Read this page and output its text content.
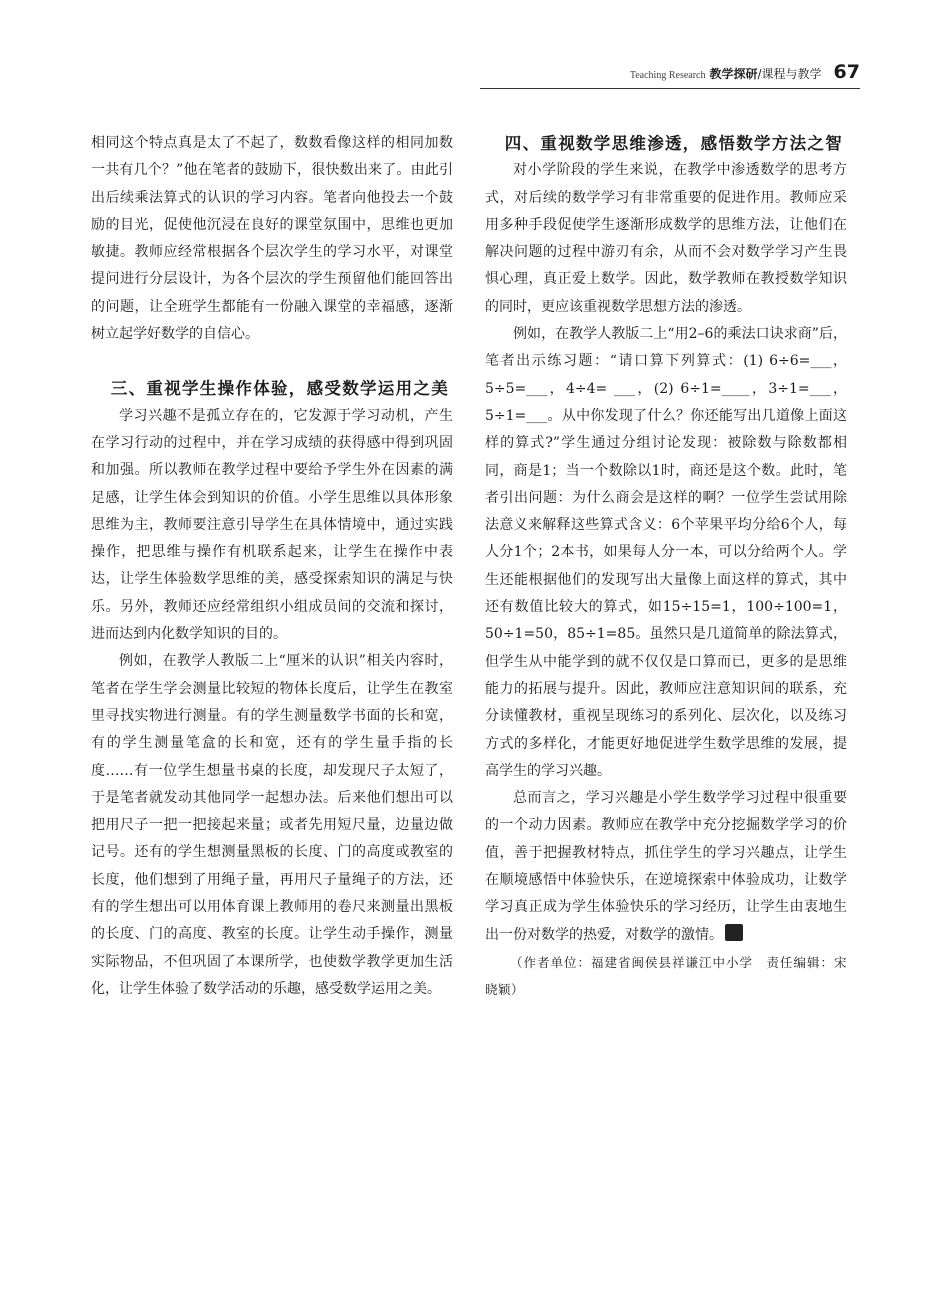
Teaching Research 教学探研 /课程与教学 67

相同这个特点真是太了不起了，数数看像这样的相同加数一共有几个？”他在笔者的鼓励下，很快数出来了。由此引出后续乘法算式的认识的学习内容。笔者向他投去一个鼓励的目光，促使他沉浸在良好的课堂氛围中，思维也更加敏捷。教师应经常根据各个层次学生的学习水平，对课堂提问进行分层设计，为各个层次的学生预留他们能回答出的问题，让全班学生都能有一份融入课堂的幸福感，逐渐树立起学好数学的自信心。

三、重视学生操作体验，感受数学运用之美

学习兴趣不是孤立存在的，它发源于学习动机，产生在学习行动的过程中，并在学习成绩的获得感中得到巩固和加强。所以教师在教学过程中要给予学生外在因素的满足感，让学生体会到知识的价值。小学生思维以具体形象思维为主，教师要注意引导学生在具体情境中，通过实践操作，把思维与操作有机联系起来，让学生在操作中表达，让学生体验数学思维的美，感受探索知识的满足与快乐。另外，教师还应经常组织小组成员间的交流和探讨，进而达到内化数学知识的目的。

例如，在教学人教版二上“厘米的认识”相关内容时，笔者在学生学会测量比较短的物体长度后，让学生在教室里寻找实物进行测量。有的学生测量数学书面的长和宽，有的学生测量笔盒的长和宽，还有的学生量手指的长度……有一位学生想量书桌的长度，却发现尺子太短了，于是笔者就发动其他同学一起想办法。后来他们想出可以把用尺子一把一把接起来量；或者先用短尺量，边量边做记号。还有的学生想测量黑板的长度、门的高度或教室的长度，他们想到了用绳子量，再用尺子量绳子的方法，还有的学生想出可以用体育课上教师用的卷尺来测量出黑板的长度、门的高度、教室的长度。让学生动手操作，测量实际物品，不但巩固了本课所学，也使数学教学更加生活化，让学生体验了数学活动的乐趣，感受数学运用之美。

四、重视数学思维渗透，感悟数学方法之智

对小学阶段的学生来说，在教学中渗透数学的思考方式，对后续的数学学习有非常重要的促进作用。教师应采用多种手段促使学生逐渐形成数学的思维方法，让他们在解决问题的过程中游刃有余，从而不会对数学学习产生畏惧心理，真正爱上数学。因此，数学教师在教授数学知识的同时，更应该重视数学思想方法的渗透。

例如，在教学人教版二上“用2–6的乘法口诀求商”后，笔者出示练习题：“请口算下列算式：(1) 6÷6=___，5÷5=___，4÷4= ___，(2) 6÷1=____，3÷1=___，5÷1=___。从中你发现了什么？你还能写出几道像上面这样的算式?”学生通过分组讨论发现：被除数与除数都相同，商是1；当一个数除以1时，商还是这个数。此时，笔者引出问题：为什么商会是这样的啊？一位学生尝试用除法意义来解释这些算式含义：6个苹果平均分给6个人，每人分1个；2本书，如果每人分一本，可以分给两个人。学生还能根据他们的发现写出大量像上面这样的算式，其中还有数值比较大的算式，如15÷15=1，100÷100=1，50÷1=50，85÷1=85。虽然只是几道简单的除法算式，但学生从中能学到的就不仅仅是口算而已，更多的是思维能力的拓展与提升。因此，教师应注意知识间的联系，充分读懂教材，重视呈现练习的系列化、层次化，以及练习方式的多样化，才能更好地促进学生数学思维的发展，提高学生的学习兴趣。

总而言之，学习兴趣是小学生数学学习过程中很重要的一个动力因素。教师应在教学中充分挖掘数学学习的价值，善于把握教材特点，抓住学生的学习兴趣点，让学生在顺境感悟中体验快乐，在逆境探索中体验成功，让数学学习真正成为学生体验快乐的学习经历，让学生由衷地生出一份对数学的热爱，对数学的激情。

（作者单位：福建省闽侯县祥谦江中小学　责任编辑：宋晓颖）
